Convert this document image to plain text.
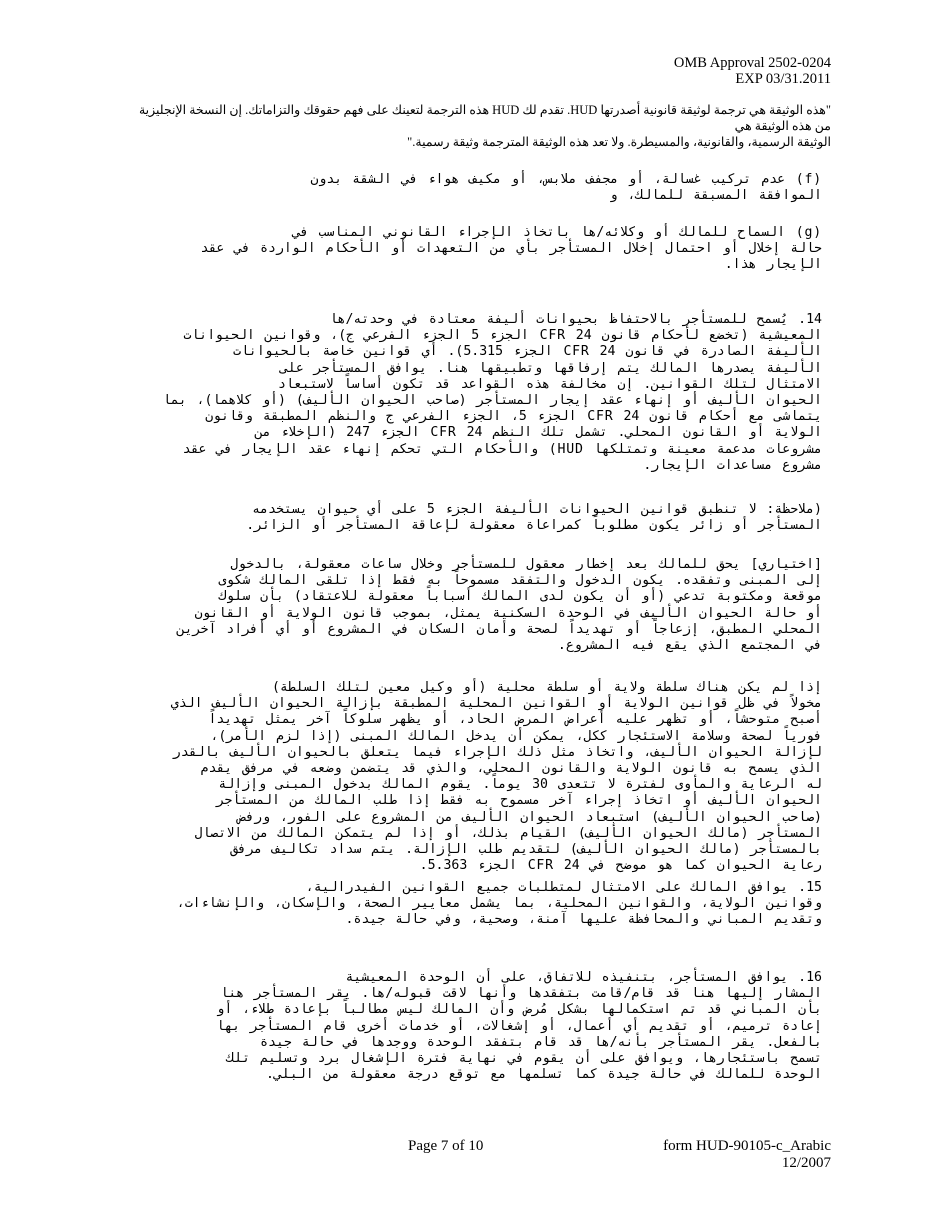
OMB Approval 2502-0204
EXP 03/31.2011
"هذه الوثيقة هي ترجمة لوثيقة قانونية أصدرتها HUD. تقدم لك HUD هذه الترجمة لتعينك على فهم حقوقك والتزاماتك. إن النسخة الإنجليزية من هذه الوثيقة هي
الوثيقة الرسمية، والقانونية، والمسيطرة. ولا تعد هذه الوثيقة المترجمة وثيقة رسمية."
(f) عدم تركيب غسالة، أو مجفف ملابس، أو مكيف هواء في الشقة بدون
الموافقة المسبقة للمالك، و
(g) السماح للمالك أو وكلائه/ها باتخاذ الإجراء القانوني المناسب في
حالة إخلال أو احتمال إخلال المستأجر بأي من التعهدات أو الأحكام الواردة في عقد
الإيجار هذا.
14. يُسمح للمستأجر بالاحتفاظ بحيوانات أليفة معتادة في وحدته/ها
المعيشية (تخضع لأحكام قانون 24 CFR الجزء 5 الجزء الفرعي ج)، وقوانين الحيوانات
الأليفة الصادرة في قانون 24 CFR الجزء 5.315). أي قوانين خاصة بالحيوانات
الأليفة يصدرها المالك يتم إرفاقها وتطبيقها هنا. يوافق المستأجر على
الامتثال لتلك القوانين. إن مخالفة هذه القواعد قد تكون أساساً لاستبعاد
الحيوان الأليف أو إنهاء عقد إيجار المستأجر (صاحب الحيوان الأليف) (أو كلاهما)، بما
يتماشى مع أحكام قانون 24 CFR الجزء 5، الجزء الفرعي ج والنظم المطبقة وقانون
الولاية أو القانون المحلي. تشمل تلك النظم 24 CFR الجزء 247 (الإخلاء من
مشروعات مدعمة معينة وتمتلكها HUD) والأحكام التي تحكم إنهاء عقد الإيجار في عقد
مشروع مساعدات الإيجار.
(ملاحظة: لا تنطبق قوانين الحيوانات الأليفة الجزء 5 على أي حيوان يستخدمه
المستأجر أو زائر يكون مطلوباً كمراعاة معقولة لإعاقة المستأجر أو الزائر.
[اختياري] يحق للمالك بعد إخطار معقول للمستأجر وخلال ساعات معقولة، بالدخول
إلى المبنى وتفقده. يكون الدخول والتفقد مسموحاً به فقط إذا تلقى المالك شكوى
موقعة ومكتوبة تدعي (أو أن يكون لدى المالك أسباباً معقولة للاعتقاد) بأن سلوك
أو حالة الحيوان الأليف في الوحدة السكنية يمثل، بموجب قانون الولاية أو القانون
المحلي المطبق، إزعاجاً أو تهديداً لصحة وأمان السكان في المشروع أو أي أفراد آخرين
في المجتمع الذي يقع فيه المشروع.
إذا لم يكن هناك سلطة ولاية أو سلطة محلية (أو وكيل معين لتلك السلطة)
مخولاً في ظل قوانين الولاية أو القوانين المحلية المطبقة بإزالة الحيوان الأليف الذي
أصبح متوحشاً، أو تظهر عليه أعراض المرض الحاد، أو يظهر سلوكاً آخر يمثل تهديداً
فورياً لصحة وسلامة الاستئجار ككل، يمكن أن يدخل المالك المبنى (إذا لزم الأمر)،
لإزالة الحيوان الأليف، واتخاذ مثل ذلك الإجراء فيما يتعلق بالحيوان الأليف بالقدر
الذي يسمح به قانون الولاية والقانون المحلي، والذي قد يتضمن وضعه في مرفق يقدم
له الرعاية والمأوى لفترة لا تتعدى 30 يوماً. يقوم المالك بدخول المبنى وإزالة
الحيوان الأليف أو اتخاذ إجراء آخر مسموح به فقط إذا طلب المالك من المستأجر
(صاحب الحيوان الأليف) استبعاد الحيوان الأليف من المشروع على الفور، ورفض
المستأجر (مالك الحيوان الأليف) القيام بذلك، أو إذا لم يتمكن المالك من الاتصال
بالمستأجر (مالك الحيوان الأليف) لتقديم طلب الإزالة. يتم سداد تكاليف مرفق
رعاية الحيوان كما هو موضح في 24 CFR الجزء 5.363.
15. يوافق المالك على الامتثال لمتطلبات جميع القوانين الفيدرالية،
وقوانين الولاية، والقوانين المحلية، بما يشمل معايير الصحة، والإسكان، والإنشاءات،
وتقديم المباني والمحافظة عليها آمنة، وصحية، وفي حالة جيدة.
16. يوافق المستأجر، بتنفيذه للاتفاق، على أن الوحدة المعيشية
المشار إليها هنا قد قام/قامت بتفقدها وأنها لاقت قبوله/ها. يقر المستأجر هنا
بأن المباني قد تم استكمالها بشكل مُرض وأن المالك ليس مطالباً بإعادة طلاء، أو
إعادة ترميم، أو تقديم أي أعمال، أو إشغالات، أو خدمات أخرى قام المستأجر بها
بالفعل. يقر المستأجر بأنه/ها قد قام بتفقد الوحدة ووجدها في حالة جيدة
تسمح باستئجارها، ويوافق على أن يقوم في نهاية فترة الإشغال برد وتسليم تلك
الوحدة للمالك في حالة جيدة كما تسلمها مع توقع درجة معقولة من البلي.
Page 7 of 10	form HUD-90105-c_Arabic
12/2007
